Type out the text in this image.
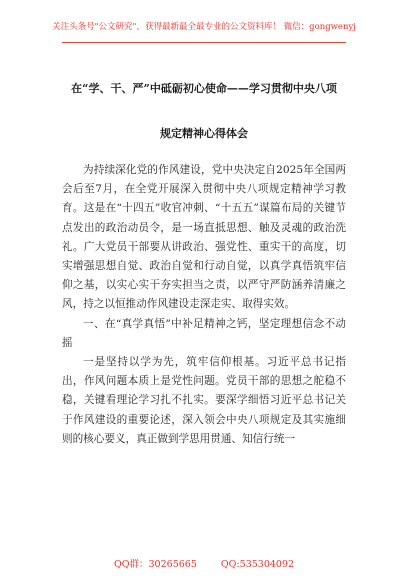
关注头条号"公文研究"，获得最新最全最专业的公文资料库！ 微信：gongwenyj
在“学、干、严”中砥砺初心使命——学习贯彻中央八项
规定精神心得体会

为持续深化党的作风建设，党中央决定自2025年全国两会后至7月，在全党开展深入贯彻中央八项规定精神学习教育。这是在“十四五”收官冲刺、“十五五”谋篇布局的关键节点发出的政治动员令，是一场直抵思想、触及灵魂的政治洗礼。广大党员干部要从讲政治、强党性、重实干的高度，切实增强思想自觉、政治自觉和行动自觉，以真学真悟筑牢信仰之基，以实心实干夯实担当之责，以严守严防涵养清廉之风，持之以恒推动作风建设走深走实、取得实效。

一、在“真学真悟”中补足精神之钙，坚定理想信念不动摇

一是坚持以学为先，筑牢信仰根基。习近平总书记指出，作风问题本质上是党性问题。党员干部的思想之舵稳不稳，关键看理论学习扎不扎实。要深学细悟习近平总书记关于作风建设的重要论述，深入领会中央八项规定及其实施细则的核心要义，真正做到学思用贯通、知信行统一

QQ群：30265665	QQ:535304092
